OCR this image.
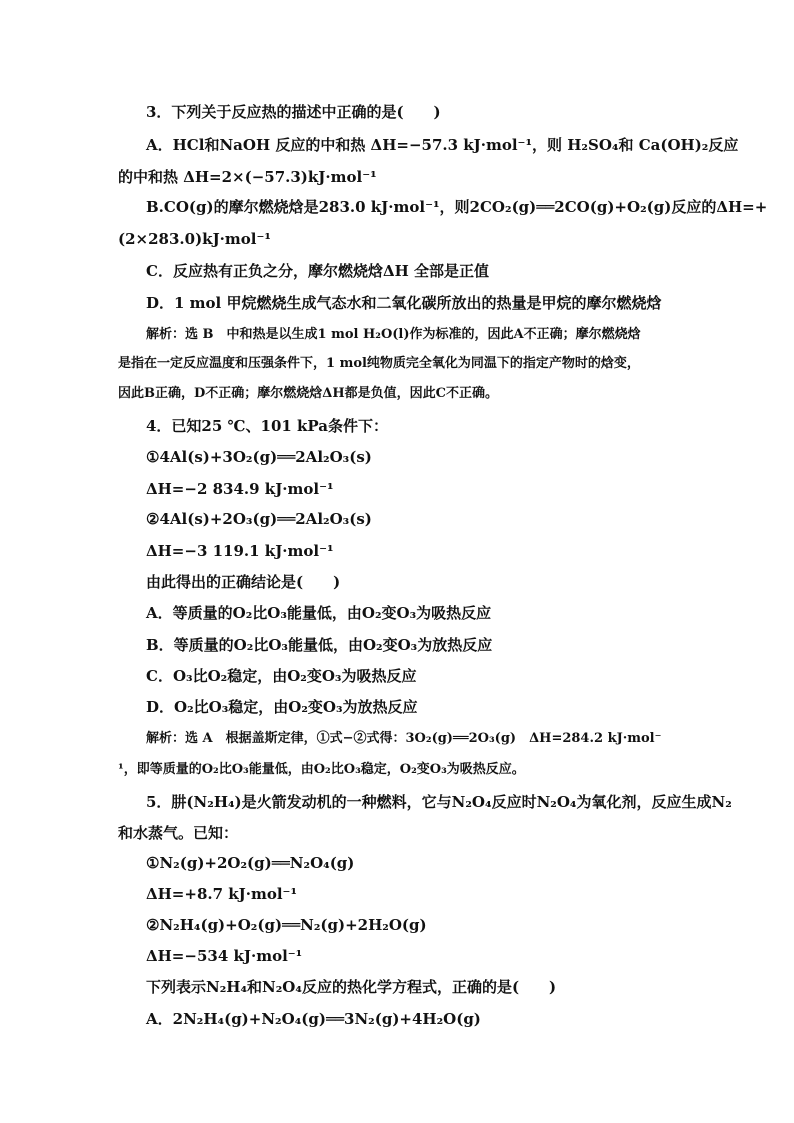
3．下列关于反应热的描述中正确的是(　　)
A．HCl和NaOH 反应的中和热 ΔH=−57.3 kJ·mol⁻¹，则 H₂SO₄和 Ca(OH)₂反应
的中和热 ΔH=2×(−57.3)kJ·mol⁻¹
B.CO(g)的摩尔燃烧焓是283.0 kJ·mol⁻¹，则2CO₂(g)══2CO(g)+O₂(g)反应的ΔH=+
(2×283.0)kJ·mol⁻¹
C．反应热有正负之分，摩尔燃烧焓ΔH 全部是正值
D．1 mol 甲烷燃烧生成气态水和二氧化碳所放出的热量是甲烷的摩尔燃烧焓
解析：选 B　中和热是以生成1 mol H₂O(l)作为标准的，因此A不正确；摩尔燃烧焓
是指在一定反应温度和压强条件下，1 mol纯物质完全氧化为同温下的指定产物时的焓变，
因此B正确，D不正确；摩尔燃烧焓ΔH都是负值，因此C不正确。
4．已知25 ℃、101 kPa条件下：
①4Al(s)+3O₂(g)══2Al₂O₃(s)
ΔH=−2 834.9 kJ·mol⁻¹
②4Al(s)+2O₃(g)══2Al₂O₃(s)
ΔH=−3 119.1 kJ·mol⁻¹
由此得出的正确结论是(　　)
A．等质量的O₂比O₃能量低，由O₂变O₃为吸热反应
B．等质量的O₂比O₃能量低，由O₂变O₃为放热反应
C．O₃比O₂稳定，由O₂变O₃为吸热反应
D．O₂比O₃稳定，由O₂变O₃为放热反应
解析：选 A　根据盖斯定律，①式−②式得：3O₂(g)══2O₃(g)　ΔH=284.2 kJ·mol⁻
¹，即等质量的O₂比O₃能量低，由O₂比O₃稳定，O₂变O₃为吸热反应。
5．肼(N₂H₄)是火箭发动机的一种燃料，它与N₂O₄反应时N₂O₄为氧化剂，反应生成N₂
和水蒸气。已知：
①N₂(g)+2O₂(g)══N₂O₄(g)
ΔH=+8.7 kJ·mol⁻¹
②N₂H₄(g)+O₂(g)══N₂(g)+2H₂O(g)
ΔH=−534 kJ·mol⁻¹
下列表示N₂H₄和N₂O₄反应的热化学方程式，正确的是(　　)
A．2N₂H₄(g)+N₂O₄(g)══3N₂(g)+4H₂O(g)
